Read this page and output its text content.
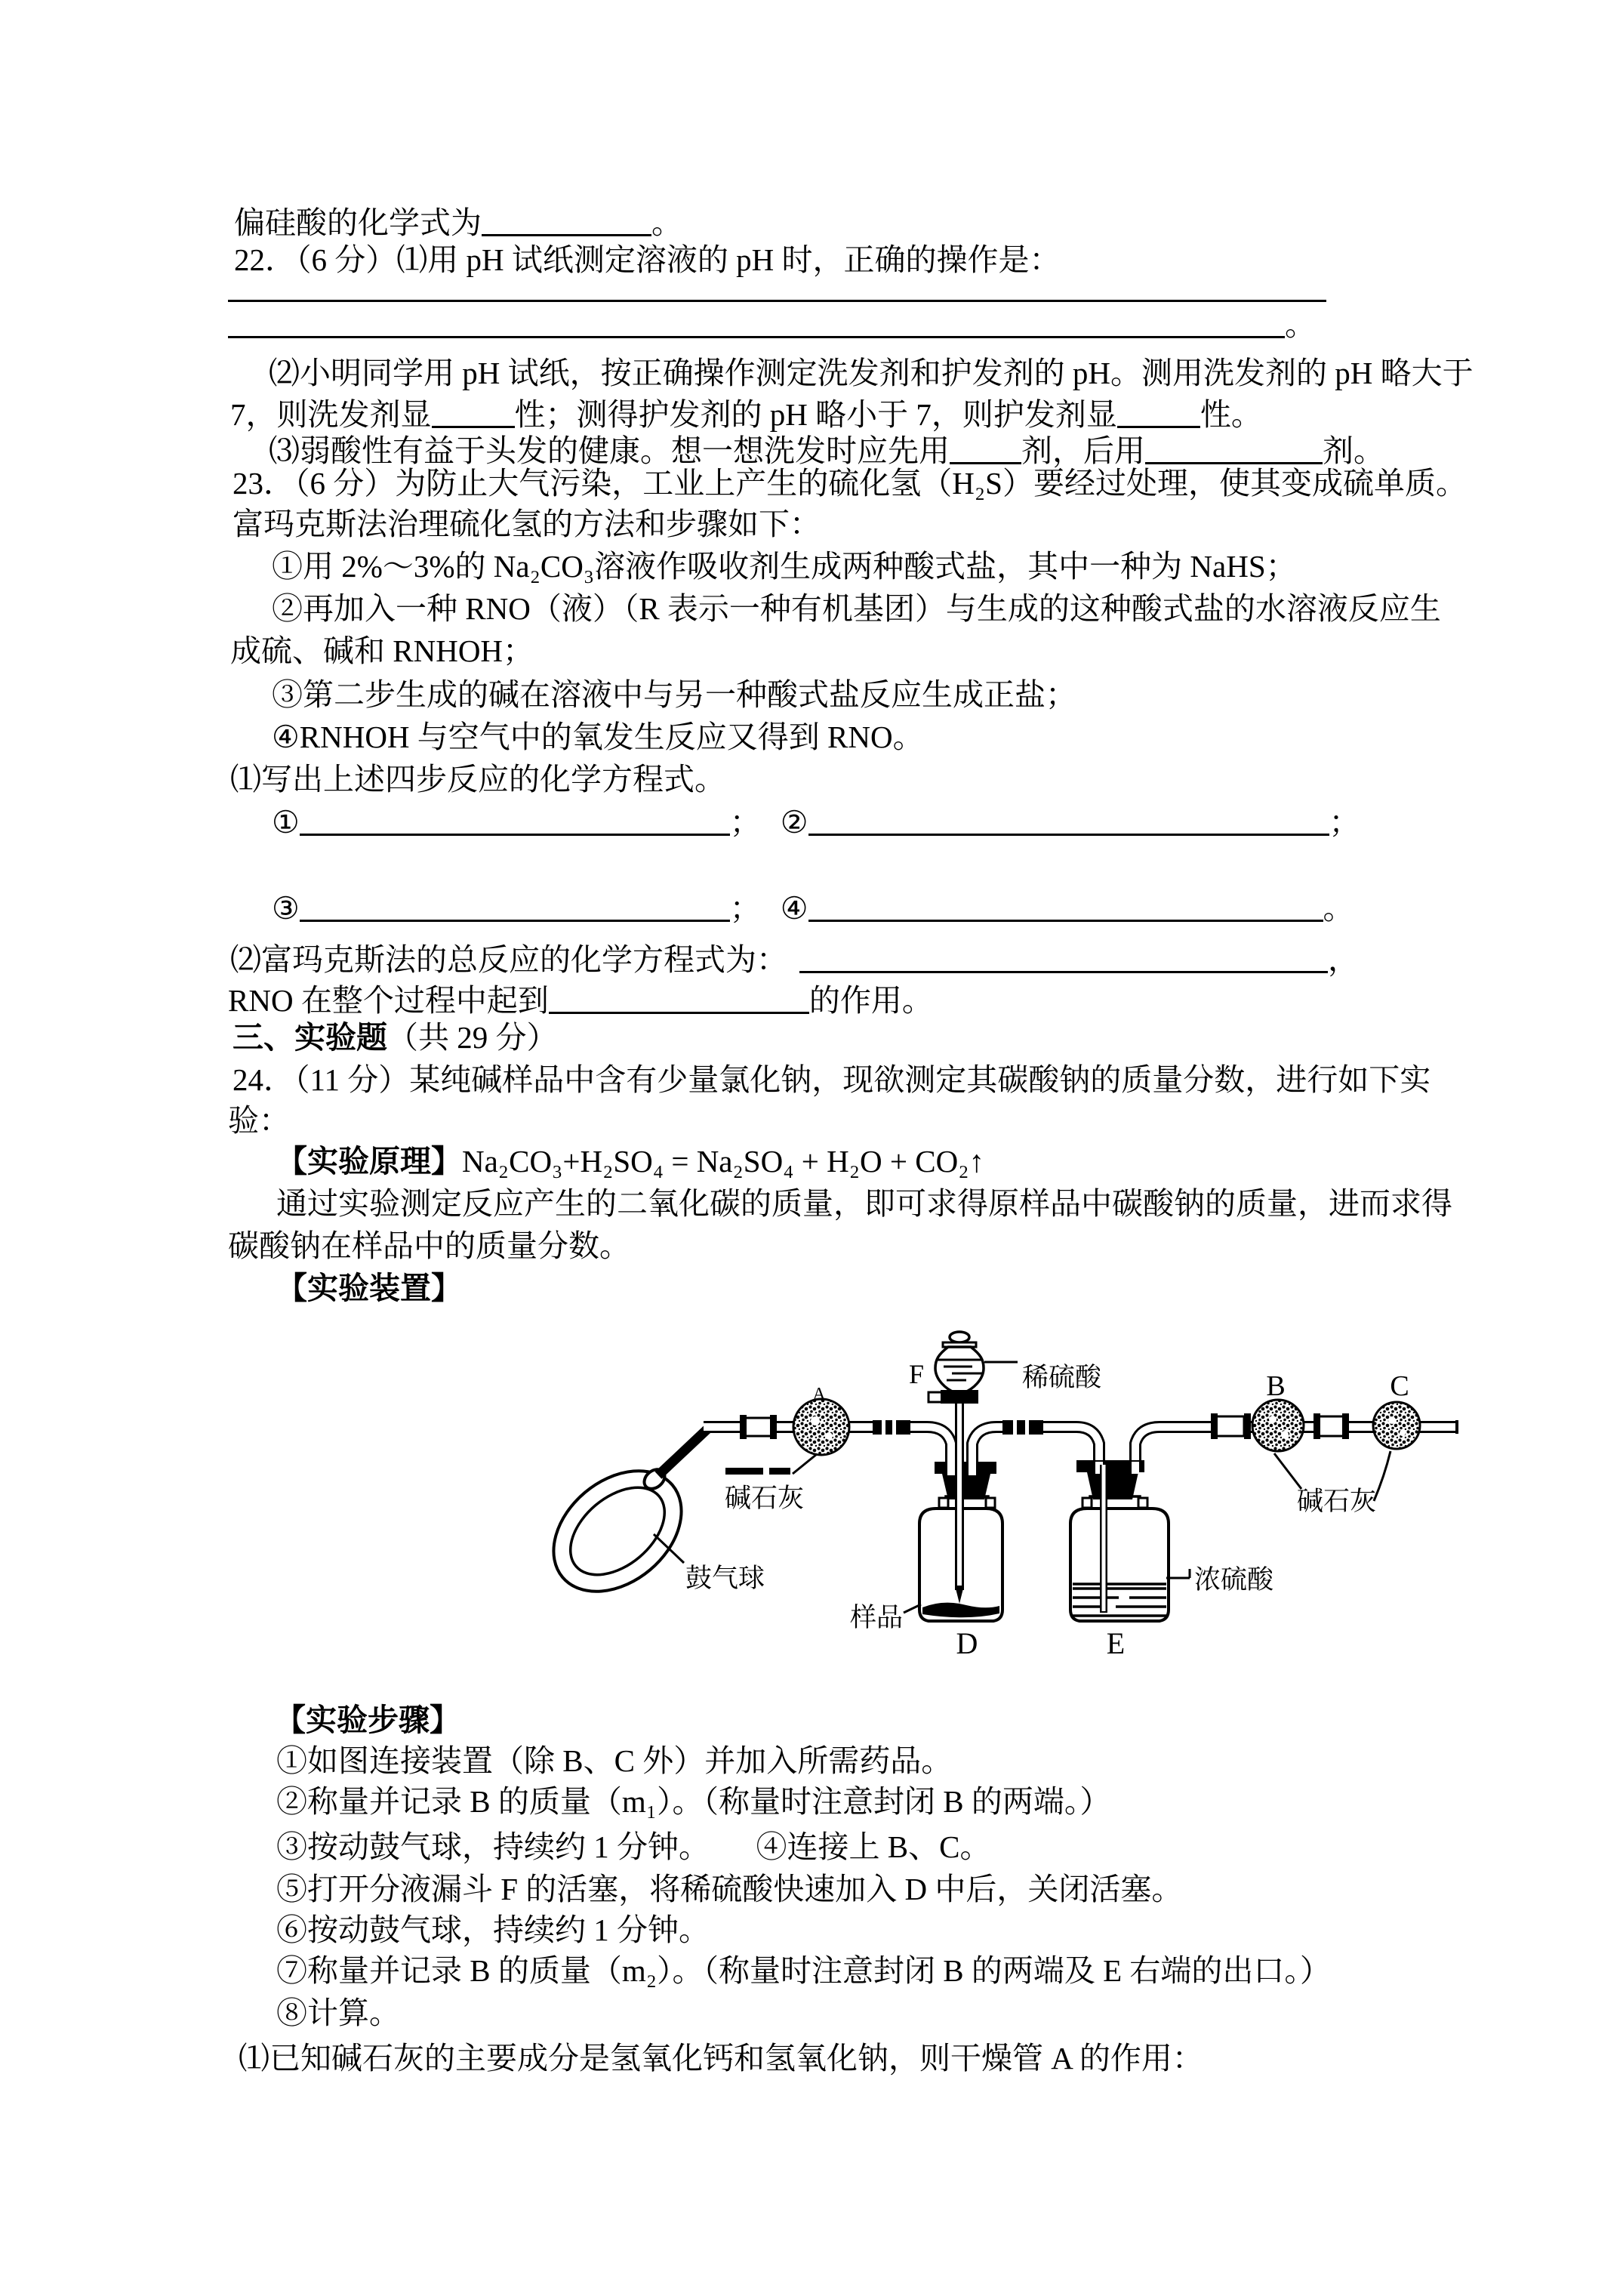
偏硅酸的化学式为	。
22．（6 分）⑴用 pH 试纸测定溶液的 pH 时，正确的操作是：
。
⑵小明同学用 pH 试纸，按正确操作测定洗发剂和护发剂的 pH。测用洗发剂的 pH 略大于
7，则洗发剂显	性；测得护发剂的 pH 略小于 7，则护发剂显	性。
⑶弱酸性有益于头发的健康。想一想洗发时应先用 剂，后用	剂。
23．（6 分）为防止大气污染，工业上产生的硫化氢（H₂S）要经过处理，使其变成硫单质。
富玛克斯法治理硫化氢的方法和步骤如下：
①用 2%～3%的 Na₂CO₃溶液作吸收剂生成两种酸式盐，其中一种为 NaHS；
②再加入一种 RNO（液）（R 表示一种有机基团）与生成的这种酸式盐的水溶液反应生
成硫、碱和 RNHOH；
③第二步生成的碱在溶液中与另一种酸式盐反应生成正盐；
④RNHOH 与空气中的氧发生反应又得到 RNO。
⑴写出上述四步反应的化学方程式。
①	； ②	；
③	； ④	。
⑵富玛克斯法的总反应的化学方程式为：	，
RNO 在整个过程中起到	的作用。
三、实验题（共 29 分）
24．（11 分）某纯碱样品中含有少量氯化钠，现欲测定其碳酸钠的质量分数，进行如下实
验：
【实验原理】Na₂CO₃+H₂SO₄ = Na₂SO₄ + H₂O + CO₂↑
通过实验测定反应产生的二氧化碳的质量，即可求得原样品中碳酸钠的质量，进而求得
碳酸钠在样品中的质量分数。
【实验装置】
A	B	C
F
D	E
稀硫酸
碱石灰
鼓气球
样品
浓硫酸
碱石灰
【实验步骤】
①如图连接装置（除 B、C 外）并加入所需药品。
②称量并记录 B 的质量（m₁）。（称量时注意封闭 B 的两端。）
③按动鼓气球，持续约 1 分钟。　　④连接上 B、C。
⑤打开分液漏斗 F 的活塞，将稀硫酸快速加入 D 中后，关闭活塞。
⑥按动鼓气球，持续约 1 分钟。
⑦称量并记录 B 的质量（m₂）。（称量时注意封闭 B 的两端及 E 右端的出口。）
⑧计算。
⑴已知碱石灰的主要成分是氢氧化钙和氢氧化钠，则干燥管 A 的作用：
